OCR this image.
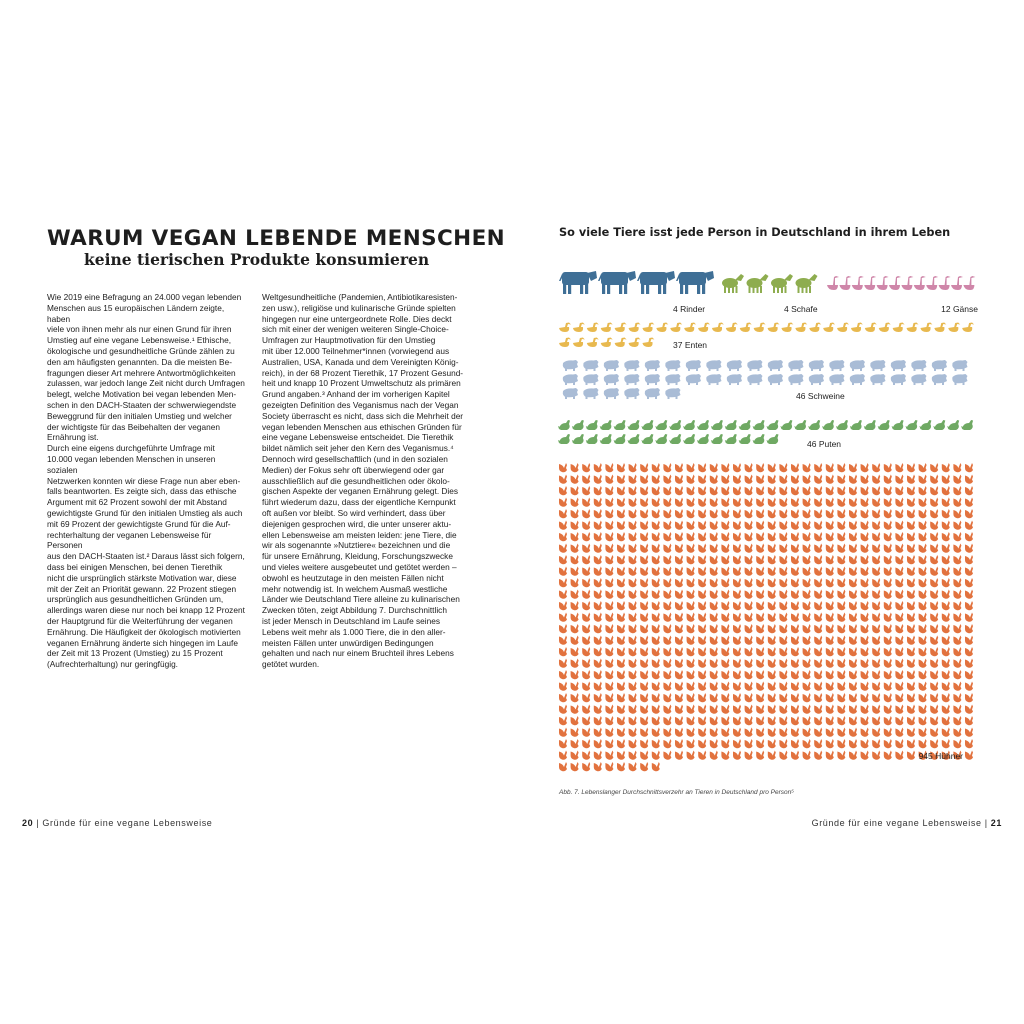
WARUM VEGAN LEBENDE MENSCHEN
keine tierischen Produkte konsumieren

Wie 2019 eine Befragung an 24.000 vegan lebenden

Menschen aus 15 europäischen Ländern zeigte, haben

viele von ihnen mehr als nur einen Grund für ihren

Umstieg auf eine vegane Lebensweise.¹ Ethische,

ökologische und gesundheitliche Gründe zählen zu

den am häufigsten genannten. Da die meisten Be-

fragungen dieser Art mehrere Antwortmöglichkeiten

zulassen, war jedoch lange Zeit nicht durch Umfragen

belegt, welche Motivation bei vegan lebenden Men-

schen in den DACH-Staaten der schwerwiegendste

Beweggrund für den initialen Umstieg und welcher

der wichtigste für das Beibehalten der veganen

Ernährung ist.

Durch eine eigens durchgeführte Umfrage mit

10.000 vegan lebenden Menschen in unseren sozialen

Netzwerken konnten wir diese Frage nun aber eben-

falls beantworten. Es zeigte sich, dass das ethische

Argument mit 62 Prozent sowohl der mit Abstand

gewichtigste Grund für den initialen Umstieg als auch

mit 69 Prozent der gewichtigste Grund für die Auf-

rechterhaltung der veganen Lebensweise für Personen

aus den DACH-Staaten ist.² Daraus lässt sich folgern,

dass bei einigen Menschen, bei denen Tierethik

nicht die ursprünglich stärkste Motivation war, diese

mit der Zeit an Priorität gewann. 22 Prozent stiegen

ursprünglich aus gesundheitlichen Gründen um,

allerdings waren diese nur noch bei knapp 12 Prozent

der Hauptgrund für die Weiterführung der veganen

Ernährung. Die Häufigkeit der ökologisch motivierten

veganen Ernährung änderte sich hingegen im Laufe

der Zeit mit 13 Prozent (Umstieg) zu 15 Prozent

(Aufrechterhaltung) nur geringfügig.

Weltgesundheitliche (Pandemien, Antibiotikaresisten-

zen usw.), religiöse und kulinarische Gründe spielten

hingegen nur eine untergeordnete Rolle. Dies deckt

sich mit einer der wenigen weiteren Single-Choice-

Umfragen zur Hauptmotivation für den Umstieg

mit über 12.000 Teilnehmer*innen (vorwiegend aus

Australien, USA, Kanada und dem Vereinigten König-

reich), in der 68 Prozent Tierethik, 17 Prozent Gesund-

heit und knapp 10 Prozent Umweltschutz als primären

Grund angaben.³ Anhand der im vorherigen Kapitel

gezeigten Definition des Veganismus nach der Vegan

Society überrascht es nicht, dass sich die Mehrheit der

vegan lebenden Menschen aus ethischen Gründen für

eine vegane Lebensweise entscheidet. Die Tierethik

bildet nämlich seit jeher den Kern des Veganismus.⁴

Dennoch wird gesellschaftlich (und in den sozialen

Medien) der Fokus sehr oft überwiegend oder gar

ausschließlich auf die gesundheitlichen oder ökolo-

gischen Aspekte der veganen Ernährung gelegt. Dies

führt wiederum dazu, dass der eigentliche Kernpunkt

oft außen vor bleibt. So wird verhindert, dass über

diejenigen gesprochen wird, die unter unserer aktu-

ellen Lebensweise am meisten leiden: jene Tiere, die

wir als sogenannte »Nutztiere« bezeichnen und die

für unsere Ernährung, Kleidung, Forschungszwecke

und vieles weitere ausgebeutet und getötet werden –

obwohl es heutzutage in den meisten Fällen nicht

mehr notwendig ist. In welchem Ausmaß westliche

Länder wie Deutschland Tiere alleine zu kulinarischen

Zwecken töten, zeigt Abbildung 7. Durchschnittlich

ist jeder Mensch in Deutschland im Laufe seines

Lebens weit mehr als 1.000 Tiere, die in den aller-

meisten Fällen unter unwürdigen Bedingungen

gehalten und nach nur einem Bruchteil ihres Lebens

getötet wurden.

20 | Gründe für eine vegane Lebensweise	Gründe für eine vegane Lebensweise | 21
So viele Tiere isst jede Person in Deutschland in ihrem Leben
4 Rinder	4 Schafe	12 Gänse
37 Enten
46 Schweine
46 Puten
945 Hühner
Abb. 7. Lebenslanger Durchschnittsverzehr an Tieren in Deutschland pro Person⁵
